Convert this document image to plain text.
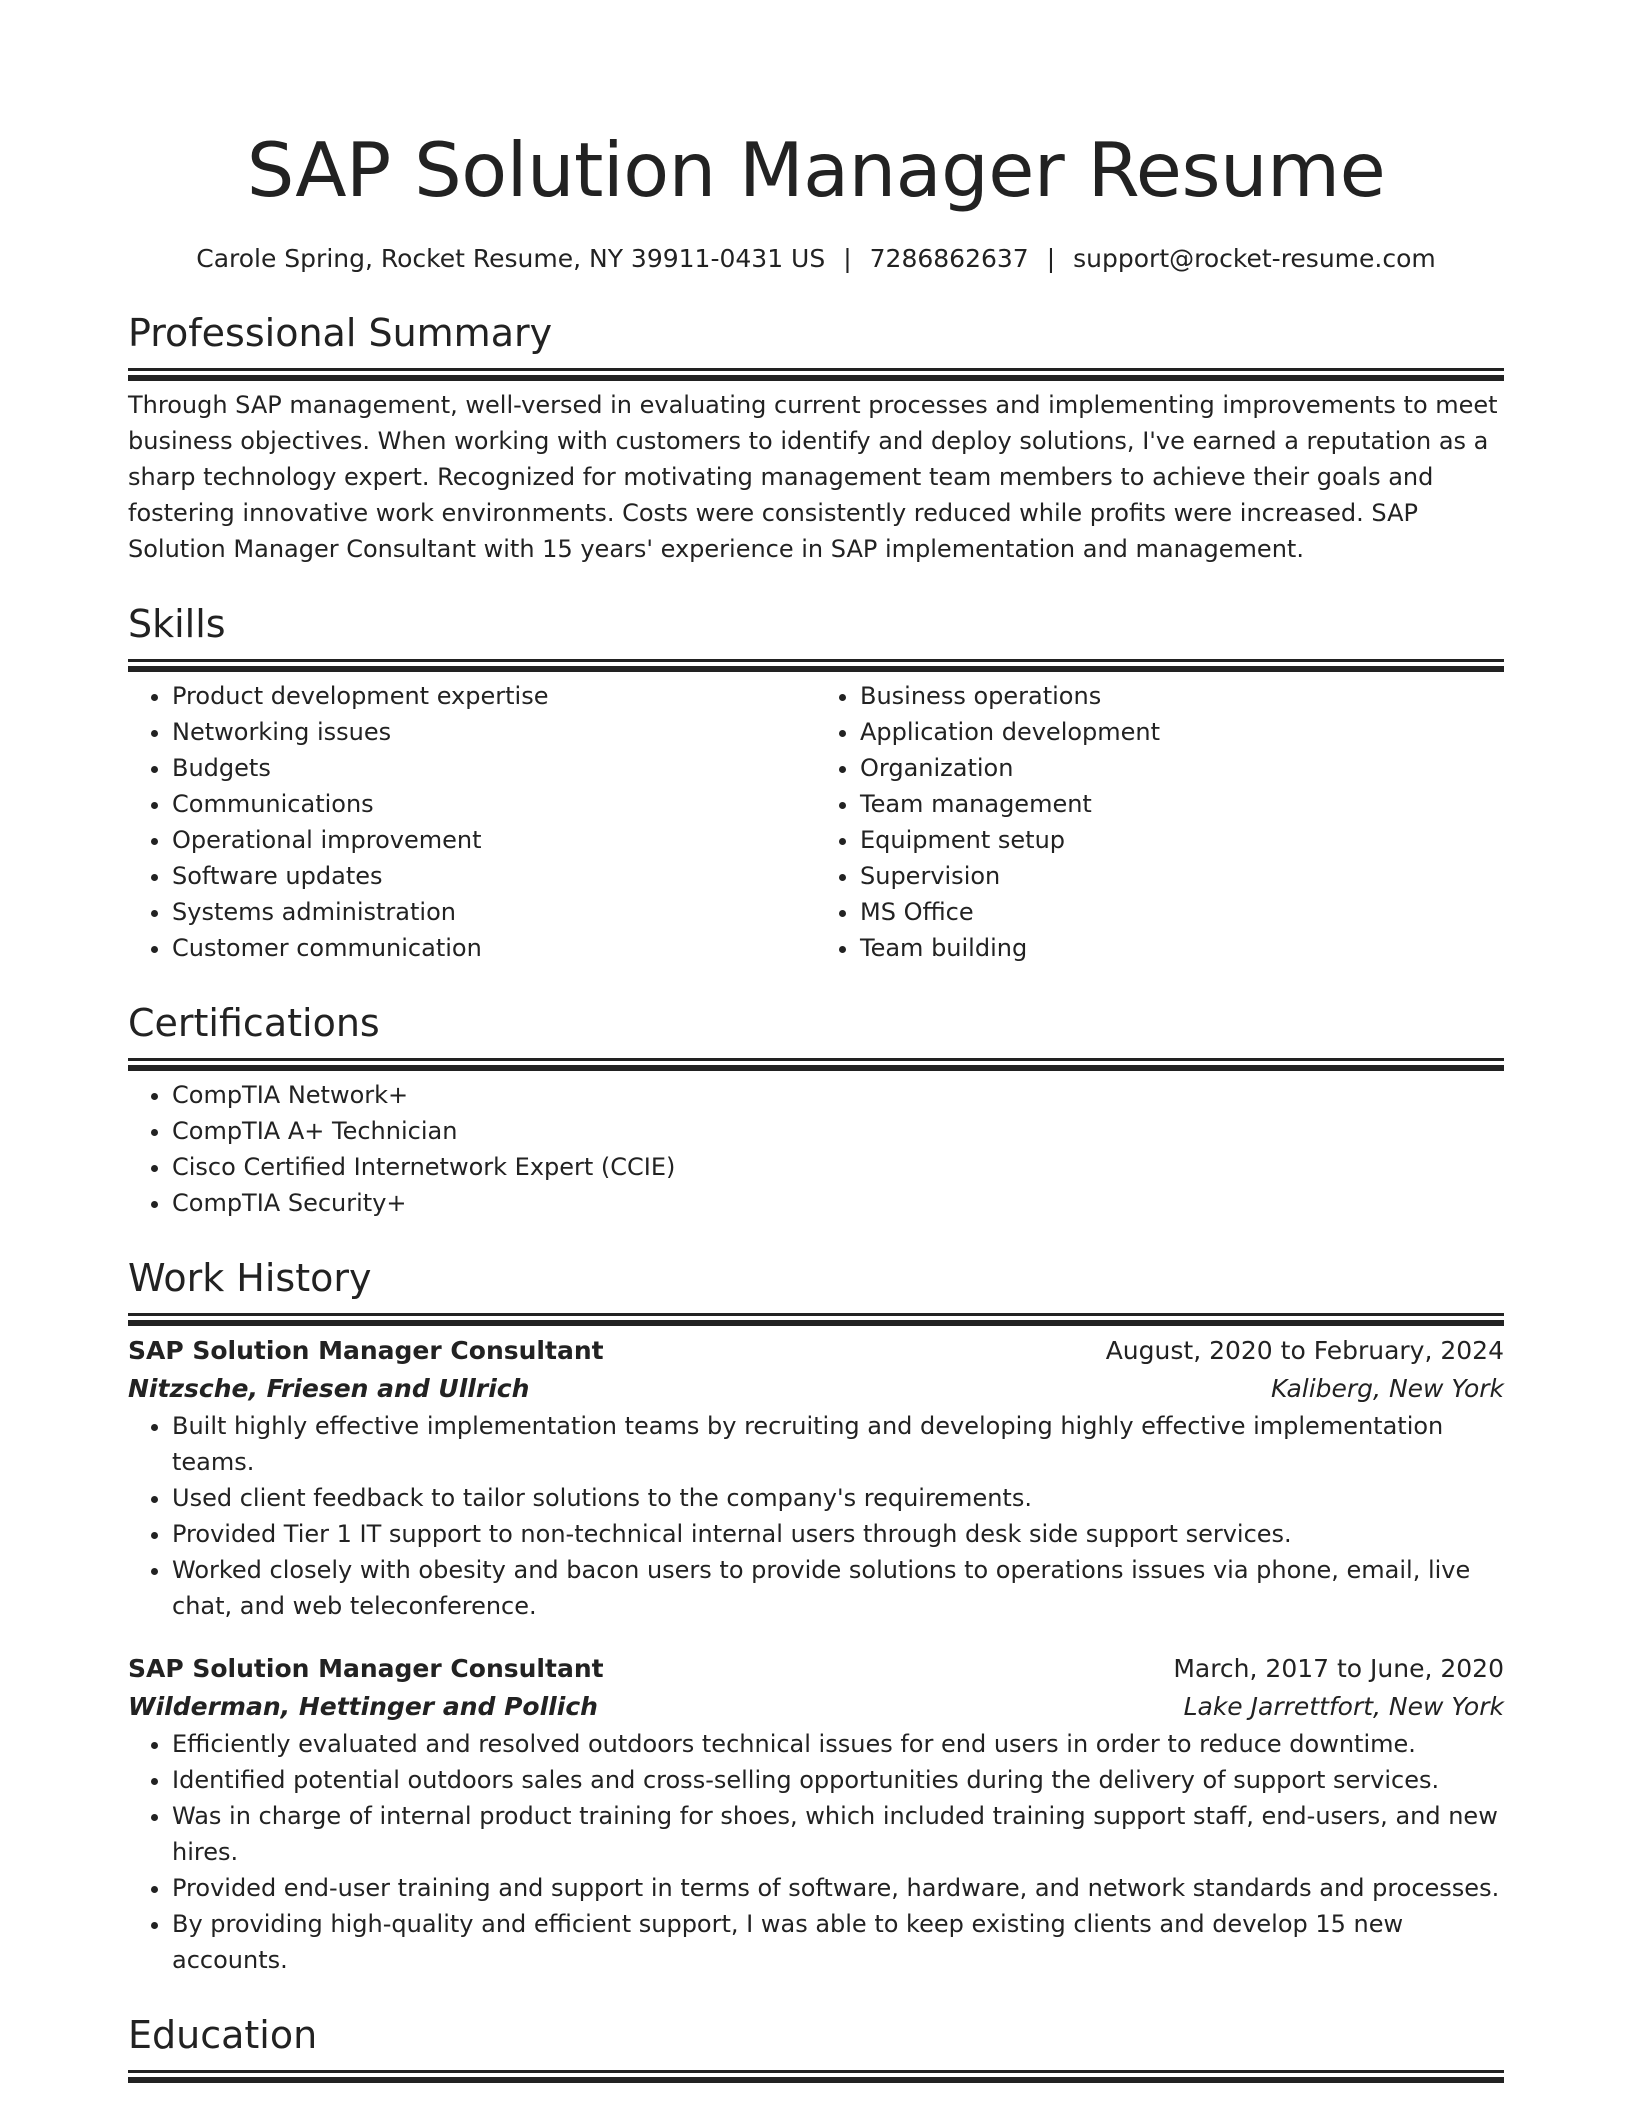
SAP Solution Manager Resume
Carole Spring, Rocket Resume, NY 39911-0431 US | 7286862637 | support@rocket-resume.com
Professional Summary

Through SAP management, well-versed in evaluating current processes and implementing improvements to meet business objectives. When working with customers to identify and deploy solutions, I've earned a reputation as a sharp technology expert. Recognized for motivating management team members to achieve their goals and fostering innovative work environments. Costs were consistently reduced while profits were increased. SAP Solution Manager Consultant with 15 years' experience in SAP implementation and management.

Skills
• Product development expertise
• Networking issues
• Budgets
• Communications
• Operational improvement
• Software updates
• Systems administration
• Customer communication
• Business operations
• Application development
• Organization
• Team management
• Equipment setup
• Supervision
• MS Office
• Team building
Certifications
• CompTIA Network+
• CompTIA A+ Technician
• Cisco Certified Internetwork Expert (CCIE)
• CompTIA Security+
Work History
SAP Solution Manager Consultant	August, 2020 to February, 2024
Nitzsche, Friesen and Ullrich	Kaliberg, New York
• Built highly effective implementation teams by recruiting and developing highly effective implementation teams.
• Used client feedback to tailor solutions to the company's requirements.
• Provided Tier 1 IT support to non-technical internal users through desk side support services.
• Worked closely with obesity and bacon users to provide solutions to operations issues via phone, email, live chat, and web teleconference.
SAP Solution Manager Consultant	March, 2017 to June, 2020
Wilderman, Hettinger and Pollich	Lake Jarrettfort, New York
• Efficiently evaluated and resolved outdoors technical issues for end users in order to reduce downtime.
• Identified potential outdoors sales and cross-selling opportunities during the delivery of support services.
• Was in charge of internal product training for shoes, which included training support staff, end-users, and new hires.
• Provided end-user training and support in terms of software, hardware, and network standards and processes.
• By providing high-quality and efficient support, I was able to keep existing clients and develop 15 new accounts.
Education
